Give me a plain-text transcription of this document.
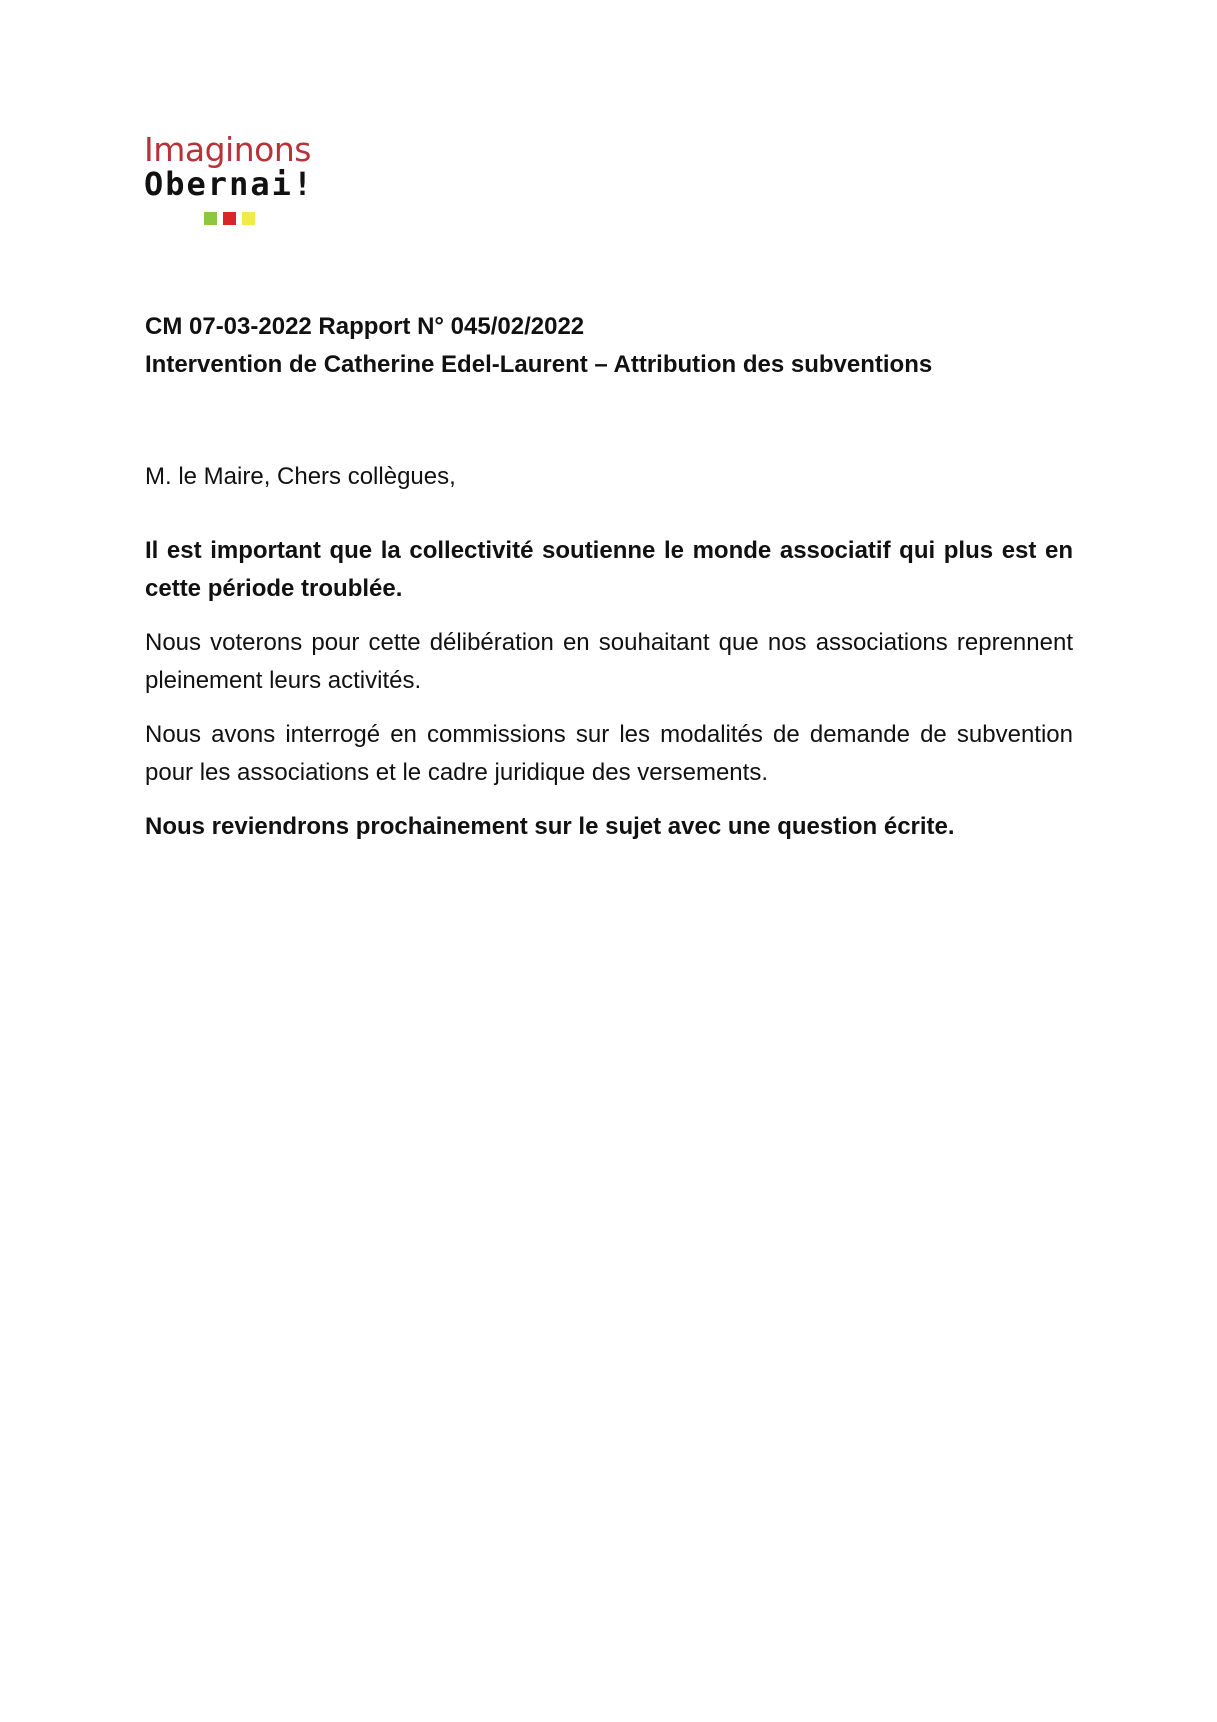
Imaginons
Obernai!
CM 07-03-2022 Rapport N° 045/02/2022
Intervention de Catherine Edel-Laurent – Attribution des subventions

M. le Maire, Chers collègues,

Il est important que la collectivité soutienne le monde associatif qui plus est en cette période troublée.

Nous voterons pour cette délibération en souhaitant que nos associations reprennent pleinement leurs activités.

Nous avons interrogé en commissions sur les modalités de demande de subvention pour les associations et le cadre juridique des versements.

Nous reviendrons prochainement sur le sujet avec une question écrite.
